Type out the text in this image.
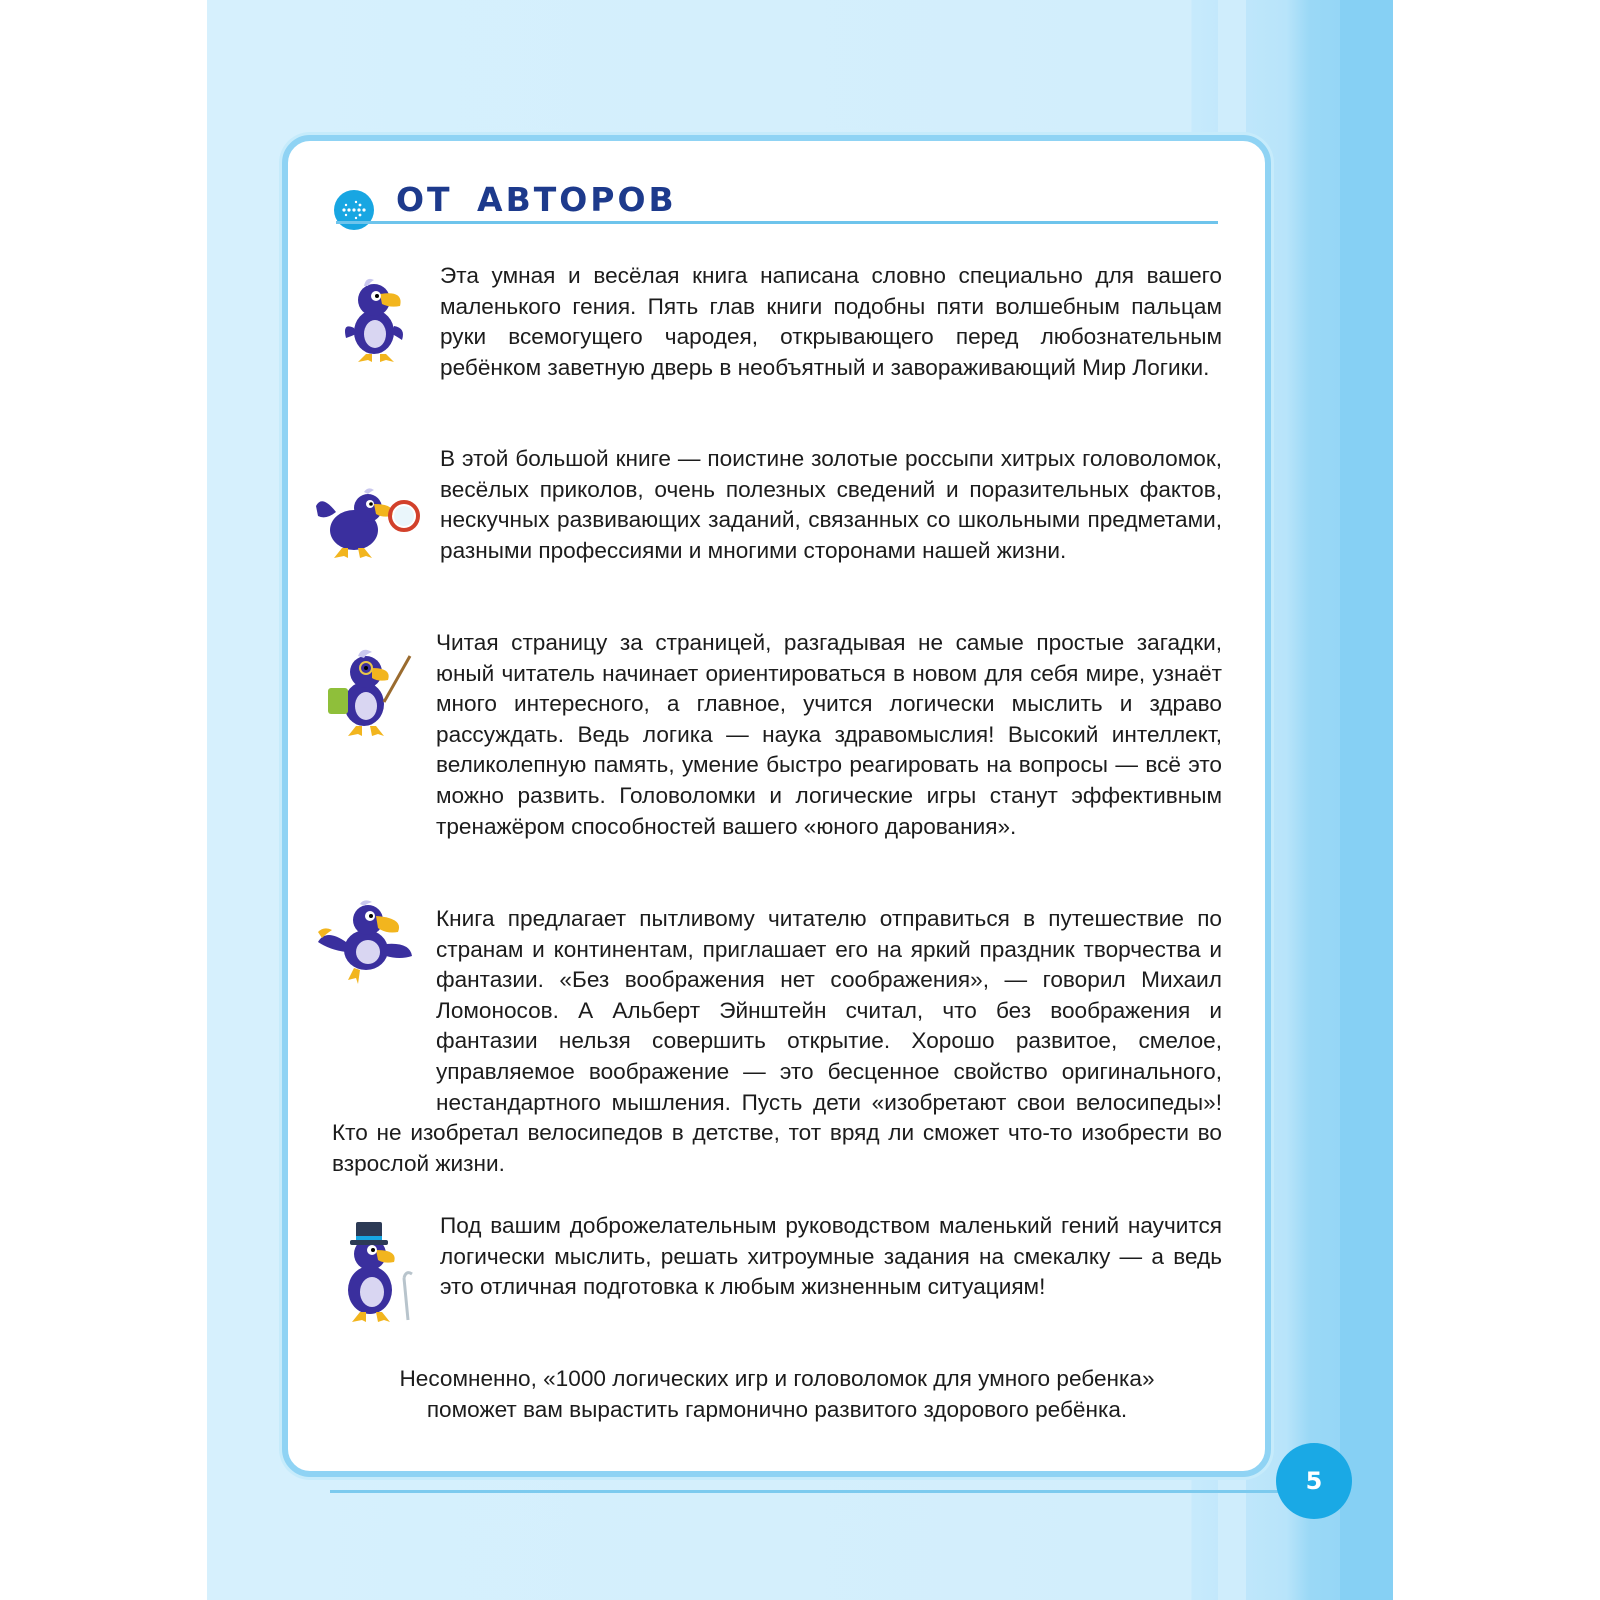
ОТ АВТОРОВ
Эта умная и весёлая книга написана словно специально для вашего маленького гения. Пять глав книги подобны пяти волшебным пальцам руки всемогущего чародея, открывающего перед любознательным ребёнком заветную дверь в необъятный и завораживающий Мир Логики.
В этой большой книге — поистине золотые россыпи хитрых головоломок, весёлых приколов, очень полезных сведений и поразительных фактов, нескучных развивающих заданий, связанных со школьными предметами, разными профессиями и многими сторонами нашей жизни.
Читая страницу за страницей, разгадывая не самые простые загадки, юный читатель начинает ориентироваться в новом для себя мире, узнаёт много интересного, а главное, учится логически мыслить и здраво рассуждать. Ведь логика — наука здравомыслия! Высокий интеллект, великолепную память, умение быстро реагировать на вопросы — всё это можно развить. Головоломки и логические игры станут эффективным тренажёром способностей вашего «юного дарования».
Книга предлагает пытливому читателю отправиться в путешествие по странам и континентам, приглашает его на яркий праздник творчества и фантазии. «Без воображения нет соображения», — говорил Михаил Ломоносов. А Альберт Эйнштейн считал, что без воображения и фантазии нельзя совершить открытие. Хорошо развитое, смелое, управляемое воображение — это бесценное свойство оригинального, нестандартного мышления. Пусть дети «изобретают свои велосипеды»! Кто не изобретал велосипедов в детстве, тот вряд ли сможет что-то изобрести во взрослой жизни.
Под вашим доброжелательным руководством маленький гений научится логически мыслить, решать хитроумные задания на смекалку — а ведь это отличная подготовка к любым жизненным ситуациям!
Несомненно, «1000 логических игр и головоломок для умного ребенка»
поможет вам вырастить гармонично развитого здорового ребёнка.
5
